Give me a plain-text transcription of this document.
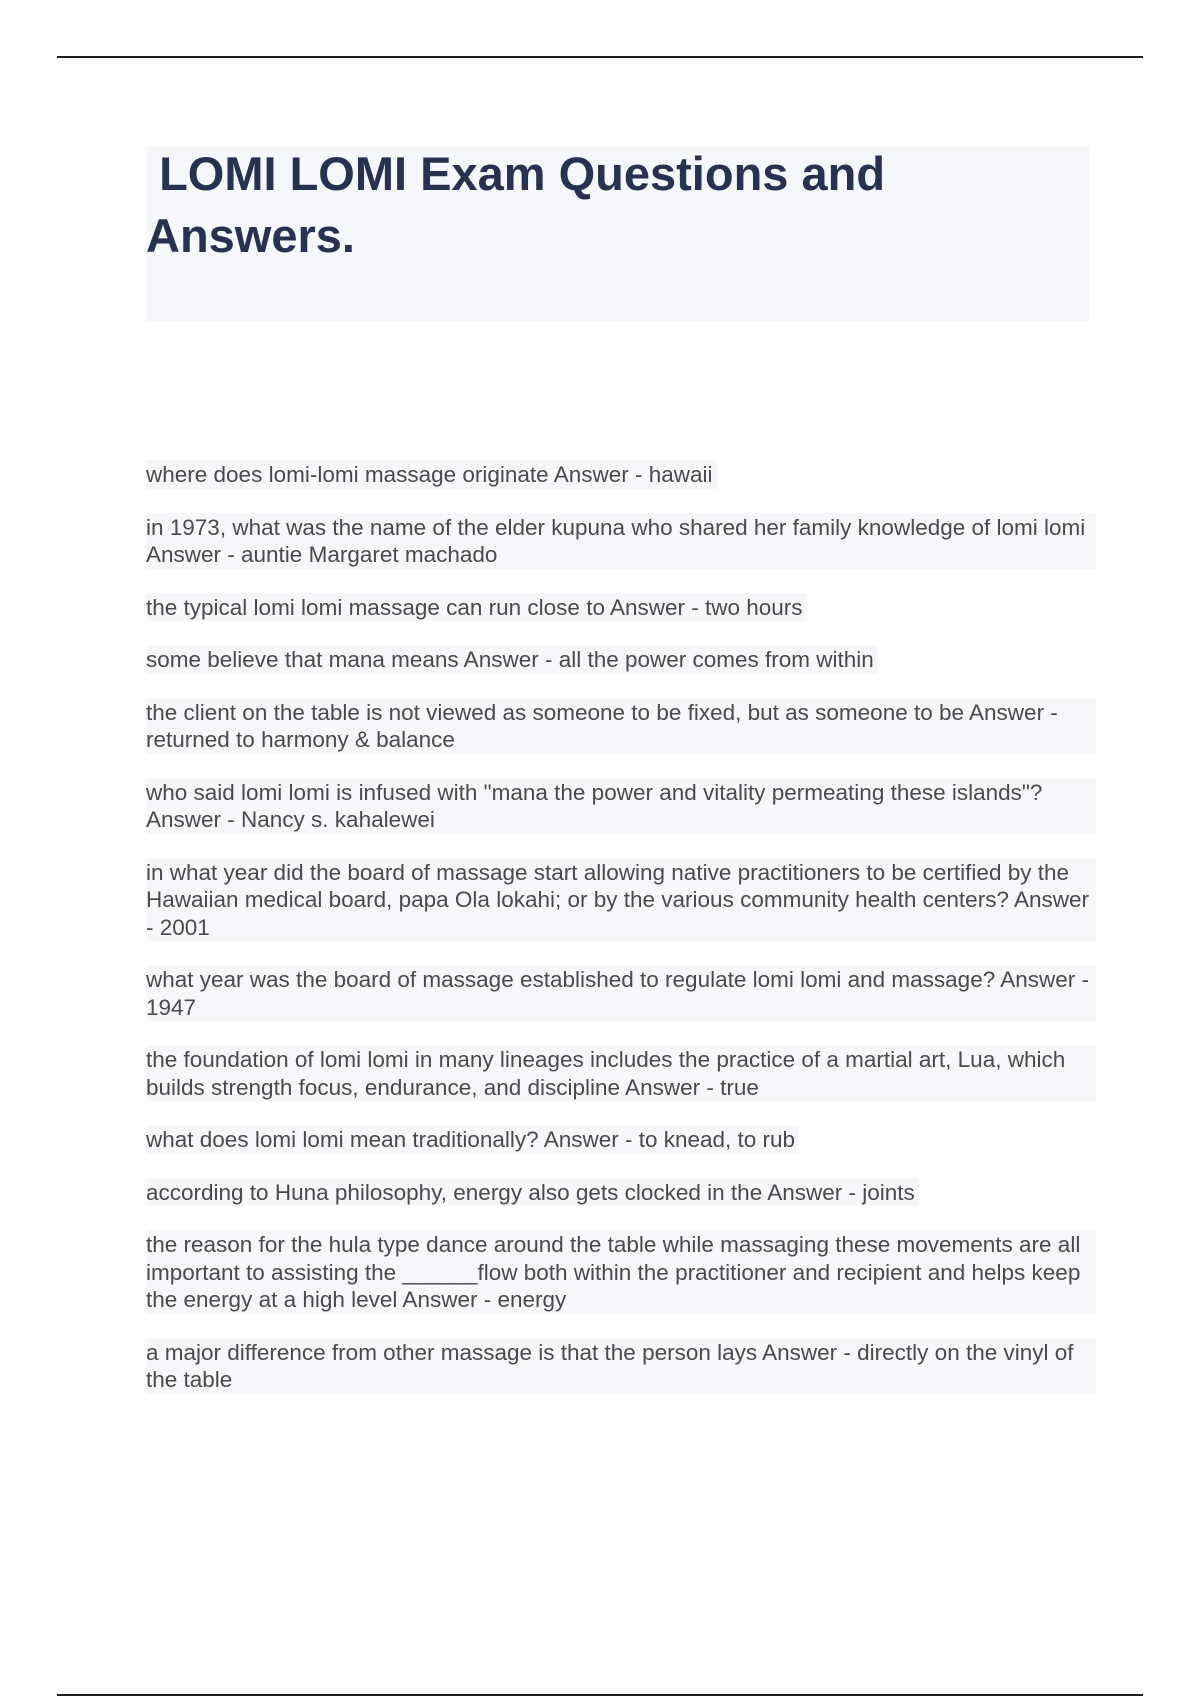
LOMI LOMI Exam Questions and
Answers.
where does lomi-lomi massage originate Answer - hawaii
in 1973, what was the name of the elder kupuna who shared her family knowledge of lomi lomi Answer - auntie Margaret machado
the typical lomi lomi massage can run close to Answer - two hours
some believe that mana means Answer - all the power comes from within
the client on the table is not viewed as someone to be fixed, but as someone to be Answer - returned to harmony & balance
who said lomi lomi is infused with "mana the power and vitality permeating these islands"? Answer - Nancy s. kahalewei
in what year did the board of massage start allowing native practitioners to be certified by the Hawaiian medical board, papa Ola lokahi; or by the various community health centers? Answer - 2001
what year was the board of massage established to regulate lomi lomi and massage? Answer - 1947
the foundation of lomi lomi in many lineages includes the practice of a martial art, Lua, which builds strength focus, endurance, and discipline Answer - true
what does lomi lomi mean traditionally? Answer - to knead, to rub
according to Huna philosophy, energy also gets clocked in the Answer - joints
the reason for the hula type dance around the table while massaging these movements are all important to assisting the ______flow both within the practitioner and recipient and helps keep the energy at a high level Answer - energy
a major difference from other massage is that the person lays Answer - directly on the vinyl of the table
